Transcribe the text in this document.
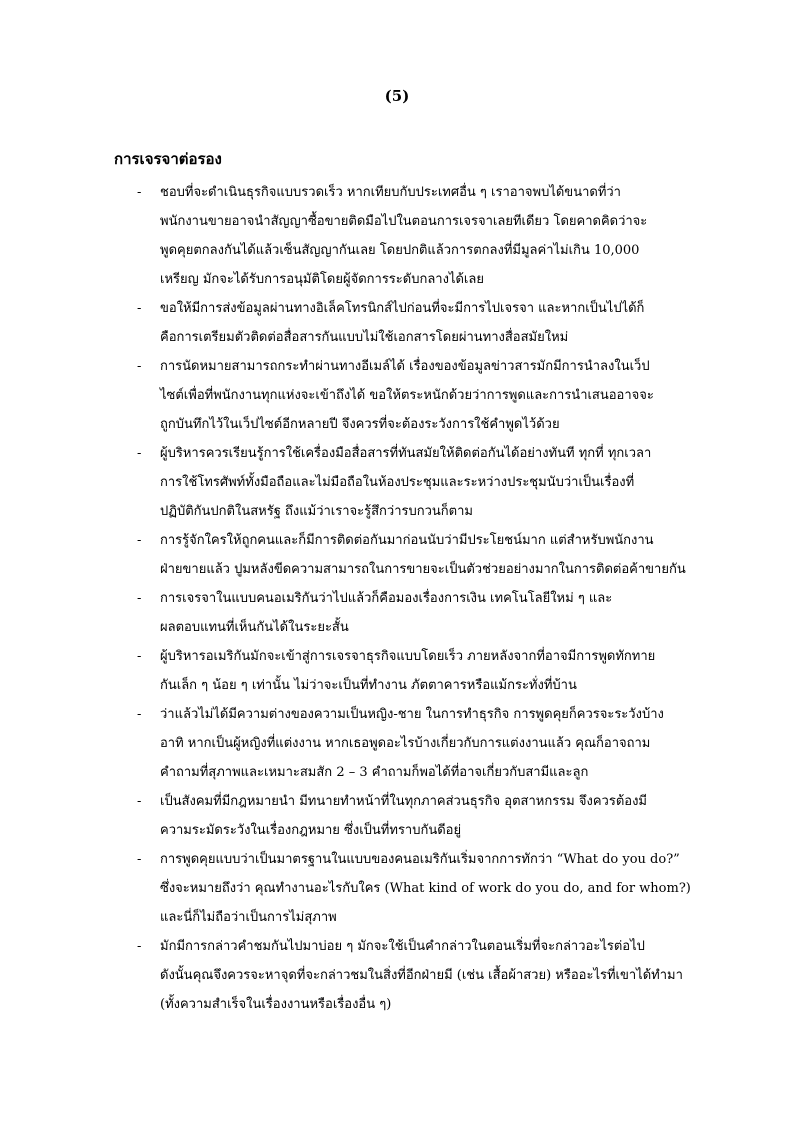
(5)
การเจรจาต่อรอง
-	ชอบที่จะดำเนินธุรกิจแบบรวดเร็ว หากเทียบกับประเทศอื่น ๆ เราอาจพบได้ขนาดที่ว่า
พนักงานขายอาจนำสัญญาซื้อขายติดมือไปในตอนการเจรจาเลยทีเดียว โดยคาดคิดว่าจะ
พูดคุยตกลงกันได้แล้วเซ็นสัญญากันเลย โดยปกติแล้วการตกลงที่มีมูลค่าไม่เกิน 10,000
เหรียญ มักจะได้รับการอนุมัติโดยผู้จัดการระดับกลางได้เลย
-	ขอให้มีการส่งข้อมูลผ่านทางอิเล็คโทรนิกส์ไปก่อนที่จะมีการไปเจรจา และหากเป็นไปได้ก็
คือการเตรียมตัวติดต่อสื่อสารกันแบบไม่ใช้เอกสารโดยผ่านทางสื่อสมัยใหม่
-	การนัดหมายสามารถกระทำผ่านทางอีเมล์ได้ เรื่องของข้อมูลข่าวสารมักมีการนำลงในเว็ป
ไซต์เพื่อที่พนักงานทุกแห่งจะเข้าถึงได้ ขอให้ตระหนักด้วยว่าการพูดและการนำเสนออาจจะ
ถูกบันทึกไว้ในเว็ปไซต์อีกหลายปี จึงควรที่จะต้องระวังการใช้คำพูดไว้ด้วย
-	ผู้บริหารควรเรียนรู้การใช้เครื่องมือสื่อสารที่ทันสมัยให้ติดต่อกันได้อย่างทันที ทุกที่ ทุกเวลา
การใช้โทรศัพท์ทั้งมือถือและไม่มือถือในห้องประชุมและระหว่างประชุมนับว่าเป็นเรื่องที่
ปฏิบัติกันปกติในสหรัฐ ถึงแม้ว่าเราจะรู้สึกว่ารบกวนก็ตาม
-	การรู้จักใครให้ถูกคนและก็มีการติดต่อกันมาก่อนนับว่ามีประโยชน์มาก แต่สำหรับพนักงาน
ฝ่ายขายแล้ว ปูมหลังขีดความสามารถในการขายจะเป็นตัวช่วยอย่างมากในการติดต่อค้าขายกัน
-	การเจรจาในแบบคนอเมริกันว่าไปแล้วก็คือมองเรื่องการเงิน เทคโนโลยีใหม่ ๆ และ
ผลตอบแทนที่เห็นกันได้ในระยะสั้น
-	ผู้บริหารอเมริกันมักจะเข้าสู่การเจรจาธุรกิจแบบโดยเร็ว ภายหลังจากที่อาจมีการพูดทักทาย
กันเล็ก ๆ น้อย ๆ เท่านั้น ไม่ว่าจะเป็นที่ทำงาน ภัตตาคารหรือแม้กระทั่งที่บ้าน
-	ว่าแล้วไม่ได้มีความต่างของความเป็นหญิง-ชาย ในการทำธุรกิจ การพูดคุยก็ควรจะระวังบ้าง
อาทิ หากเป็นผู้หญิงที่แต่งงาน หากเธอพูดอะไรบ้างเกี่ยวกับการแต่งงานแล้ว คุณก็อาจถาม
คำถามที่สุภาพและเหมาะสมสัก 2 – 3 คำถามก็พอได้ที่อาจเกี่ยวกับสามีและลูก
-	เป็นสังคมที่มีกฎหมายนำ มีทนายทำหน้าที่ในทุกภาคส่วนธุรกิจ อุตสาหกรรม จึงควรต้องมี
ความระมัดระวังในเรื่องกฎหมาย ซึ่งเป็นที่ทราบกันดีอยู่
-	การพูดคุยแบบว่าเป็นมาตรฐานในแบบของคนอเมริกันเริ่มจากการทักว่า “What do you do?”
ซึ่งจะหมายถึงว่า คุณทำงานอะไรกับใคร (What kind of work do you do, and for whom?)
และนี่ก็ไม่ถือว่าเป็นการไม่สุภาพ
-	มักมีการกล่าวคำชมกันไปมาบ่อย ๆ มักจะใช้เป็นคำกล่าวในตอนเริ่มที่จะกล่าวอะไรต่อไป
ดังนั้นคุณจึงควรจะหาจุดที่จะกล่าวชมในสิ่งที่อีกฝ่ายมี (เช่น เสื้อผ้าสวย) หรืออะไรที่เขาได้ทำมา
(ทั้งความสำเร็จในเรื่องงานหรือเรื่องอื่น ๆ)
